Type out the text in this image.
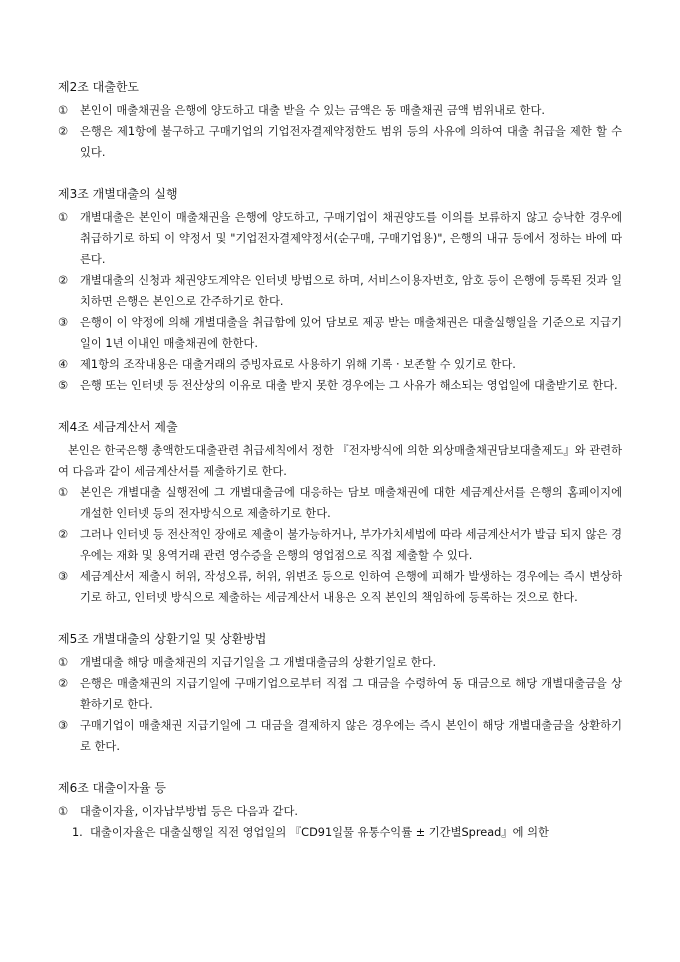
제2조 대출한도
①	본인이 매출채권을 은행에 양도하고 대출 받을 수 있는 금액은 동 매출채권 금액 범위내로 한다.
②	은행은 제1항에 불구하고 구매기업의 기업전자결제약정한도 범위 등의 사유에 의하여 대출 취급을 제한 할 수 있다.
제3조 개별대출의 실행
①	개별대출은 본인이 매출채권을 은행에 양도하고, 구매기업이 채권양도를 이의를 보류하지 않고 승낙한 경우에 취급하기로 하되 이 약정서 및 "기업전자결제약정서(순구매, 구매기업용)", 은행의 내규 등에서 정하는 바에 따른다.
②	개별대출의 신청과 채권양도계약은 인터넷 방법으로 하며, 서비스이용자번호, 암호 등이 은행에 등록된 것과 일치하면 은행은 본인으로 간주하기로 한다.
③	은행이 이 약정에 의해 개별대출을 취급함에 있어 담보로 제공 받는 매출채권은 대출실행일을 기준으로 지급기일이 1년 이내인 매출채권에 한한다.
④	제1항의 조작내용은 대출거래의 증빙자료로 사용하기 위해 기록 · 보존할 수 있기로 한다.
⑤	은행 또는 인터넷 등 전산상의 이유로 대출 받지 못한 경우에는 그 사유가 해소되는 영업일에 대출받기로 한다.
제4조 세금계산서 제출
본인은 한국은행 총액한도대출관련 취급세칙에서 정한 『전자방식에 의한 외상매출채권담보대출제도』와 관련하여 다음과 같이 세금계산서를 제출하기로 한다.
①	본인은 개별대출 실행전에 그 개별대출금에 대응하는 담보 매출채권에 대한 세금계산서를 은행의 홈페이지에 개설한 인터넷 등의 전자방식으로 제출하기로 한다.
②	그러나 인터넷 등 전산적인 장애로 제출이 불가능하거나, 부가가치세법에 따라 세금계산서가 발급 되지 않은 경우에는 재화 및 용역거래 관련 영수증을 은행의 영업점으로 직접 제출할 수 있다.
③	세금계산서 제출시 허위, 작성오류, 허위, 위변조 등으로 인하여 은행에 피해가 발생하는 경우에는 즉시 변상하기로 하고, 인터넷 방식으로 제출하는 세금계산서 내용은 오직 본인의 책임하에 등록하는 것으로 한다.
제5조 개별대출의 상환기일 및 상환방법
①	개별대출 해당 매출채권의 지급기일을 그 개별대출금의 상환기일로 한다.
②	은행은 매출채권의 지급기일에 구매기업으로부터 직접 그 대금을 수령하여 동 대금으로 해당 개별대출금을 상환하기로 한다.
③	구매기업이 매출채권 지급기일에 그 대금을 결제하지 않은 경우에는 즉시 본인이 해당 개별대출금을 상환하기로 한다.
제6조 대출이자율 등
①	대출이자율, 이자납부방법 등은 다음과 같다.
1. 대출이자율은 대출실행일 직전 영업일의 『CD91일물 유통수익률 ± 기간별Spread』에 의한
